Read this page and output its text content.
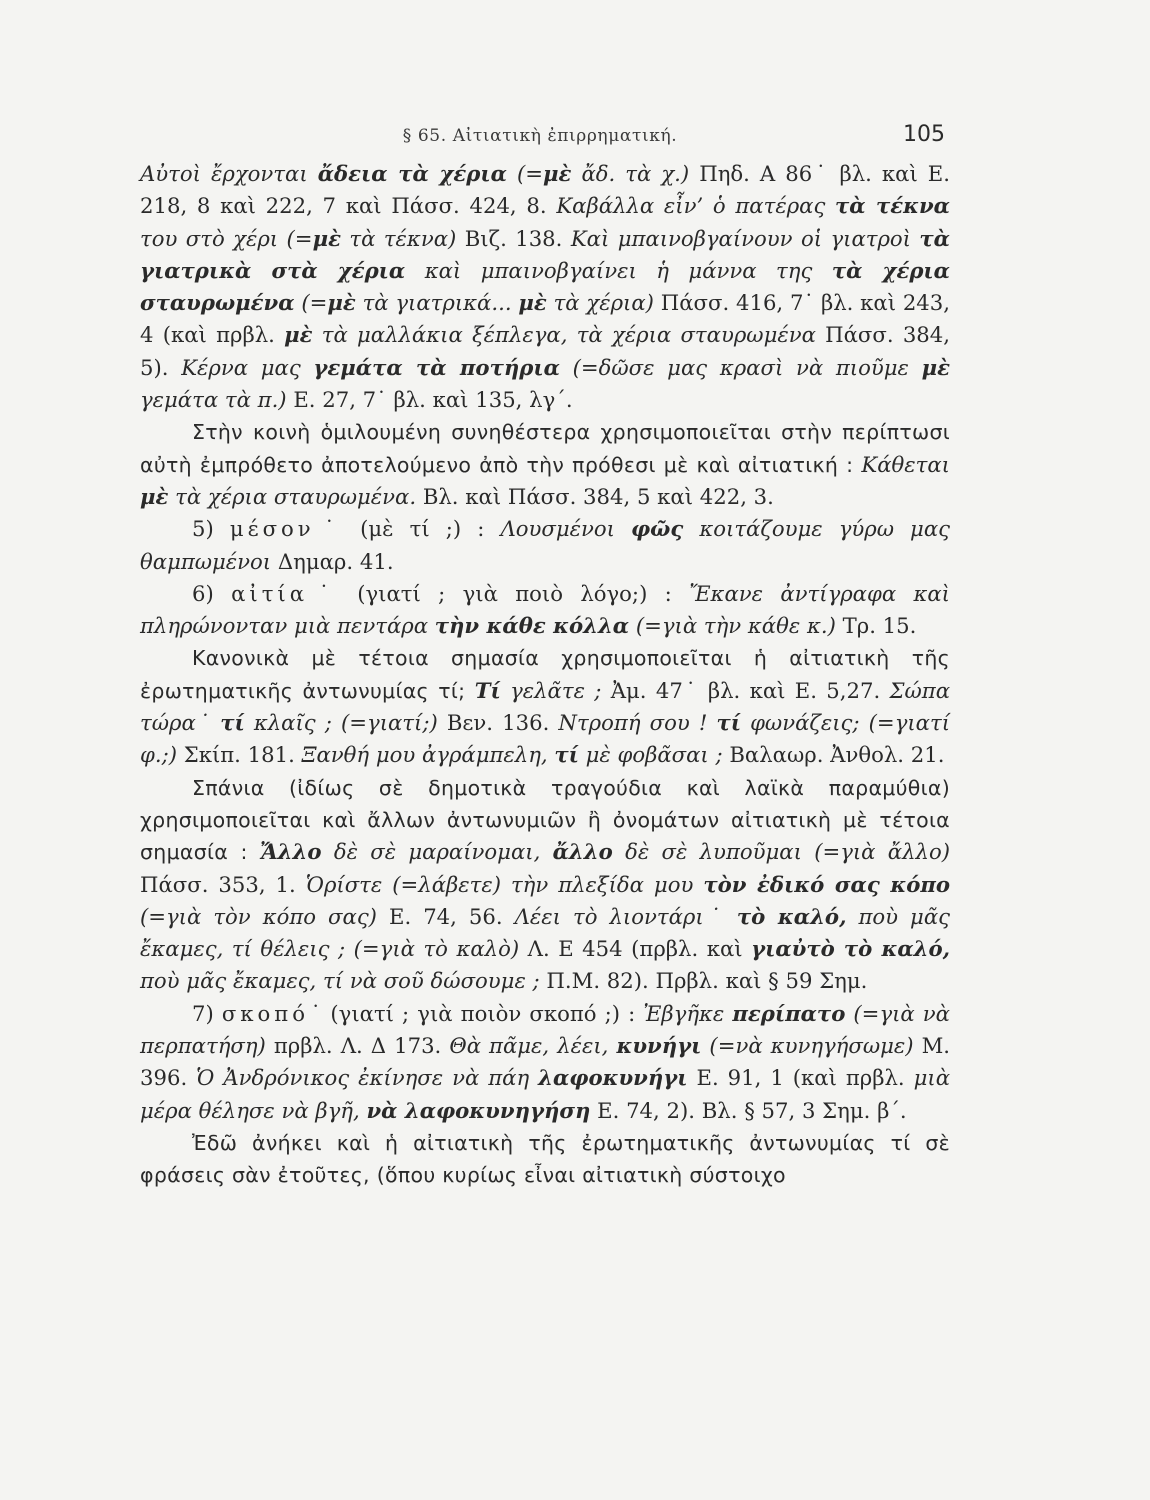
§ 65. Αἰτιατικὴ ἐπιρρηματική.	105

Αὐτοὶ ἔρχονται ἄδεια τὰ χέρια (=μὲ ἄδ. τὰ χ.) Πηδ. Α 86˙ βλ. καὶ Ε. 218, 8 καὶ 222, 7 καὶ Πάσσ. 424, 8. Καβάλλα εἶν’ ὁ πατέρας τὰ τέκνα του στὸ χέρι (=μὲ τὰ τέκνα) Βιζ. 138. Καὶ μπαινοβγαίνουν οἱ γιατροὶ τὰ γιατρικὰ στὰ χέρια καὶ μπαινοβγαίνει ἡ μάννα της τὰ χέρια σταυρωμένα (=μὲ τὰ γιατρικά... μὲ τὰ χέρια) Πάσσ. 416, 7˙ βλ. καὶ 243, 4 (καὶ πρβλ. μὲ τὰ μαλλάκια ξέπλεγα, τὰ χέρια σταυρωμένα Πάσσ. 384, 5). Κέρνα μας γεμάτα τὰ ποτήρια (=δῶσε μας κρασὶ νὰ πιοῦμε μὲ γεμάτα τὰ π.) Ε. 27, 7˙ βλ. καὶ 135, λγ΄.

Στὴν κοινὴ ὁμιλουμένη συνηθέστερα χρησιμοποιεῖται στὴν περίπτωσι αὐτὴ ἐμπρόθετο ἀποτελούμενο ἀπὸ τὴν πρόθεσι μὲ καὶ αἰτιατική : Κάθεται μὲ τὰ χέρια σταυρωμένα. Βλ. καὶ Πάσσ. 384, 5 καὶ 422, 3.

5) μέσον˙ (μὲ τί ;) : Λουσμένοι φῶς κοιτάζουμε γύρω μας θαμπωμένοι Δημαρ. 41.

6) αἰτία˙ (γιατί ; γιὰ ποιὸ λόγο;) : Ἔκανε ἀντίγραφα καὶ πληρώνονταν μιὰ πεντάρα τὴν κάθε κόλλα (=γιὰ τὴν κάθε κ.) Τρ. 15.

Κανονικὰ μὲ τέτοια σημασία χρησιμοποιεῖται ἡ αἰτιατικὴ τῆς ἐρωτηματικῆς ἀντωνυμίας τί; Τί γελᾶτε ; Ἀμ. 47˙ βλ. καὶ Ε. 5,27. Σώπα τώρα˙ τί κλαῖς ; (=γιατί;) Βεν. 136. Ντροπή σου ! τί φωνάζεις; (=γιατί φ.;) Σκίπ. 181. Ξανθή μου ἀγράμπελη, τί μὲ φοβᾶσαι ; Βαλαωρ. Ἀνθολ. 21.

Σπάνια (ἰδίως σὲ δημοτικὰ τραγούδια καὶ λαϊκὰ παραμύθια) χρησιμοποιεῖται καὶ ἄλλων ἀντωνυμιῶν ἢ ὀνομάτων αἰτιατικὴ μὲ τέτοια σημασία : Ἄλλο δὲ σὲ μαραίνομαι, ἄλλο δὲ σὲ λυποῦμαι (=γιὰ ἄλλο) Πάσσ. 353, 1. Ὁρίστε (=λάβετε) τὴν πλεξίδα μου τὸν ἐδικό σας κόπο (=γιὰ τὸν κόπο σας) Ε. 74, 56. Λέει τὸ λιοντάρι˙ τὸ καλό, ποὺ μᾶς ἔκαμες, τί θέλεις ; (=γιὰ τὸ καλὸ) Λ. Ε 454 (πρβλ. καὶ γιαὐτὸ τὸ καλό, ποὺ μᾶς ἔκαμες, τί νὰ σοῦ δώσουμε ; Π.Μ. 82). Πρβλ. καὶ § 59 Σημ.

7) σκοπό˙ (γιατί ; γιὰ ποιὸν σκοπό ;) : Ἐβγῆκε περίπατο (=γιὰ νὰ περπατήση) πρβλ. Λ. Δ 173. Θὰ πᾶμε, λέει, κυνήγι (=νὰ κυνηγήσωμε) Μ. 396. Ὁ Ἀνδρόνικος ἐκίνησε νὰ πάη λαφοκυνήγι Ε. 91, 1 (καὶ πρβλ. μιὰ μέρα θέλησε νὰ βγῆ, νὰ λαφοκυνηγήση Ε. 74, 2). Βλ. § 57, 3 Σημ. β΄.

Ἐδῶ ἀνήκει καὶ ἡ αἰτιατικὴ τῆς ἐρωτηματικῆς ἀντωνυμίας τί σὲ φράσεις σὰν ἐτοῦτες, (ὅπου κυρίως εἶναι αἰτιατικὴ σύστοιχο
